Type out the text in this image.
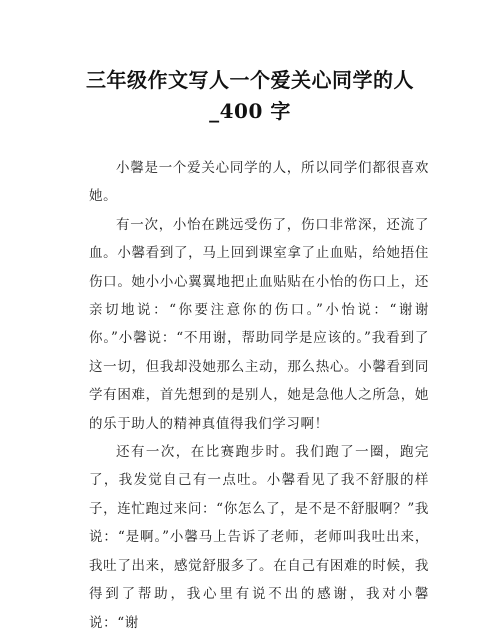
三年级作文写人一个爱关心同学的人
_400 字

小馨是一个爱关心同学的人，所以同学们都很喜欢她。

有一次，小怡在跳远受伤了，伤口非常深，还流了血。小馨看到了，马上回到课室拿了止血贴，给她捂住伤口。她小小心翼翼地把止血贴贴在小怡的伤口上，还亲切地说：“你要注意你的伤口。”小怡说：“谢谢你。”小馨说：“不用谢，帮助同学是应该的。”我看到了这一切，但我却没她那么主动，那么热心。小馨看到同学有困难，首先想到的是别人，她是急他人之所急，她的乐于助人的精神真值得我们学习啊！

还有一次，在比赛跑步时。我们跑了一圈，跑完了，我发觉自己有一点吐。小馨看见了我不舒服的样子，连忙跑过来问：“你怎么了，是不是不舒服啊？”我说：“是啊。”小馨马上告诉了老师，老师叫我吐出来，我吐了出来，感觉舒服多了。在自己有困难的时候，我得到了帮助，我心里有说不出的感谢，我对小馨说：“谢
